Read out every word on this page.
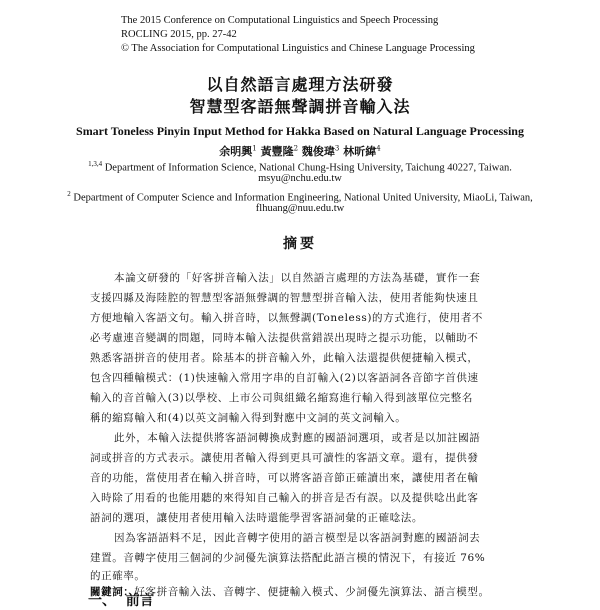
The 2015 Conference on Computational Linguistics and Speech Processing
ROCLING 2015, pp. 27-42
© The Association for Computational Linguistics and Chinese Language Processing
以自然語言處理方法研發
智慧型客語無聲調拼音輸入法
Smart Toneless Pinyin Input Method for Hakka Based on Natural Language Processing
余明興$^1$ 黃豐隆$^2$ 魏俊瑋$^3$ 林昕緯$^4$
$^{1,3,4}$ Department of Information Science, National Chung-Hsing University, Taichung 40227, Taiwan.
msyu@nchu.edu.tw
$^2$ Department of Computer Science and Information Engineering, National United University, MiaoLi, Taiwan,
flhuang@nuu.edu.tw
摘要
本論文研發的「好客拼音輸入法」以自然語言處理的方法為基礎，實作一套
支援四縣及海陸腔的智慧型客語無聲調的智慧型拼音輸入法，使用者能夠快速且
方便地輸入客語文句。輸入拼音時，以無聲調(Toneless)的方式進行，使用者不
必考慮連音變調的問題，同時本輸入法提供當錯誤出現時之提示功能，以輔助不
熟悉客語拼音的使用者。除基本的拼音輸入外，此輸入法還提供便捷輸入模式，
包含四種輸模式：(1)快速輸入常用字串的自訂輸入(2)以客語詞各音節字首供速
輸入的音首輸入(3)以學校、上市公司與組織名縮寫進行輸入得到該單位完整名
稱的縮寫輸入和(4)以英文詞輸入得到對應中文詞的英文詞輸入。
此外，本輸入法提供將客語詞轉換成對應的國語詞選項，或者是以加註國語
詞或拼音的方式表示。讓使用者輸入得到更具可讀性的客語文章。還有，提供發
音的功能，當使用者在輸入拼音時，可以將客語音節正確讀出來，讓使用者在輸
入時除了用看的也能用聽的來得知自己輸入的拼音是否有誤。以及提供唸出此客
語詞的選項，讓使用者使用輸入法時還能學習客語詞彙的正確唸法。
因為客語語料不足，因此音轉字使用的語言模型是以客語詞對應的國語詞去
建置。音轉字使用三個詞的少詞優先演算法搭配此語言模的情況下，有接近 76%
的正確率。
關鍵詞：好客拼音輸入法、音轉字、便捷輸入模式、少詞優先演算法、語言模型。
一、 前言
